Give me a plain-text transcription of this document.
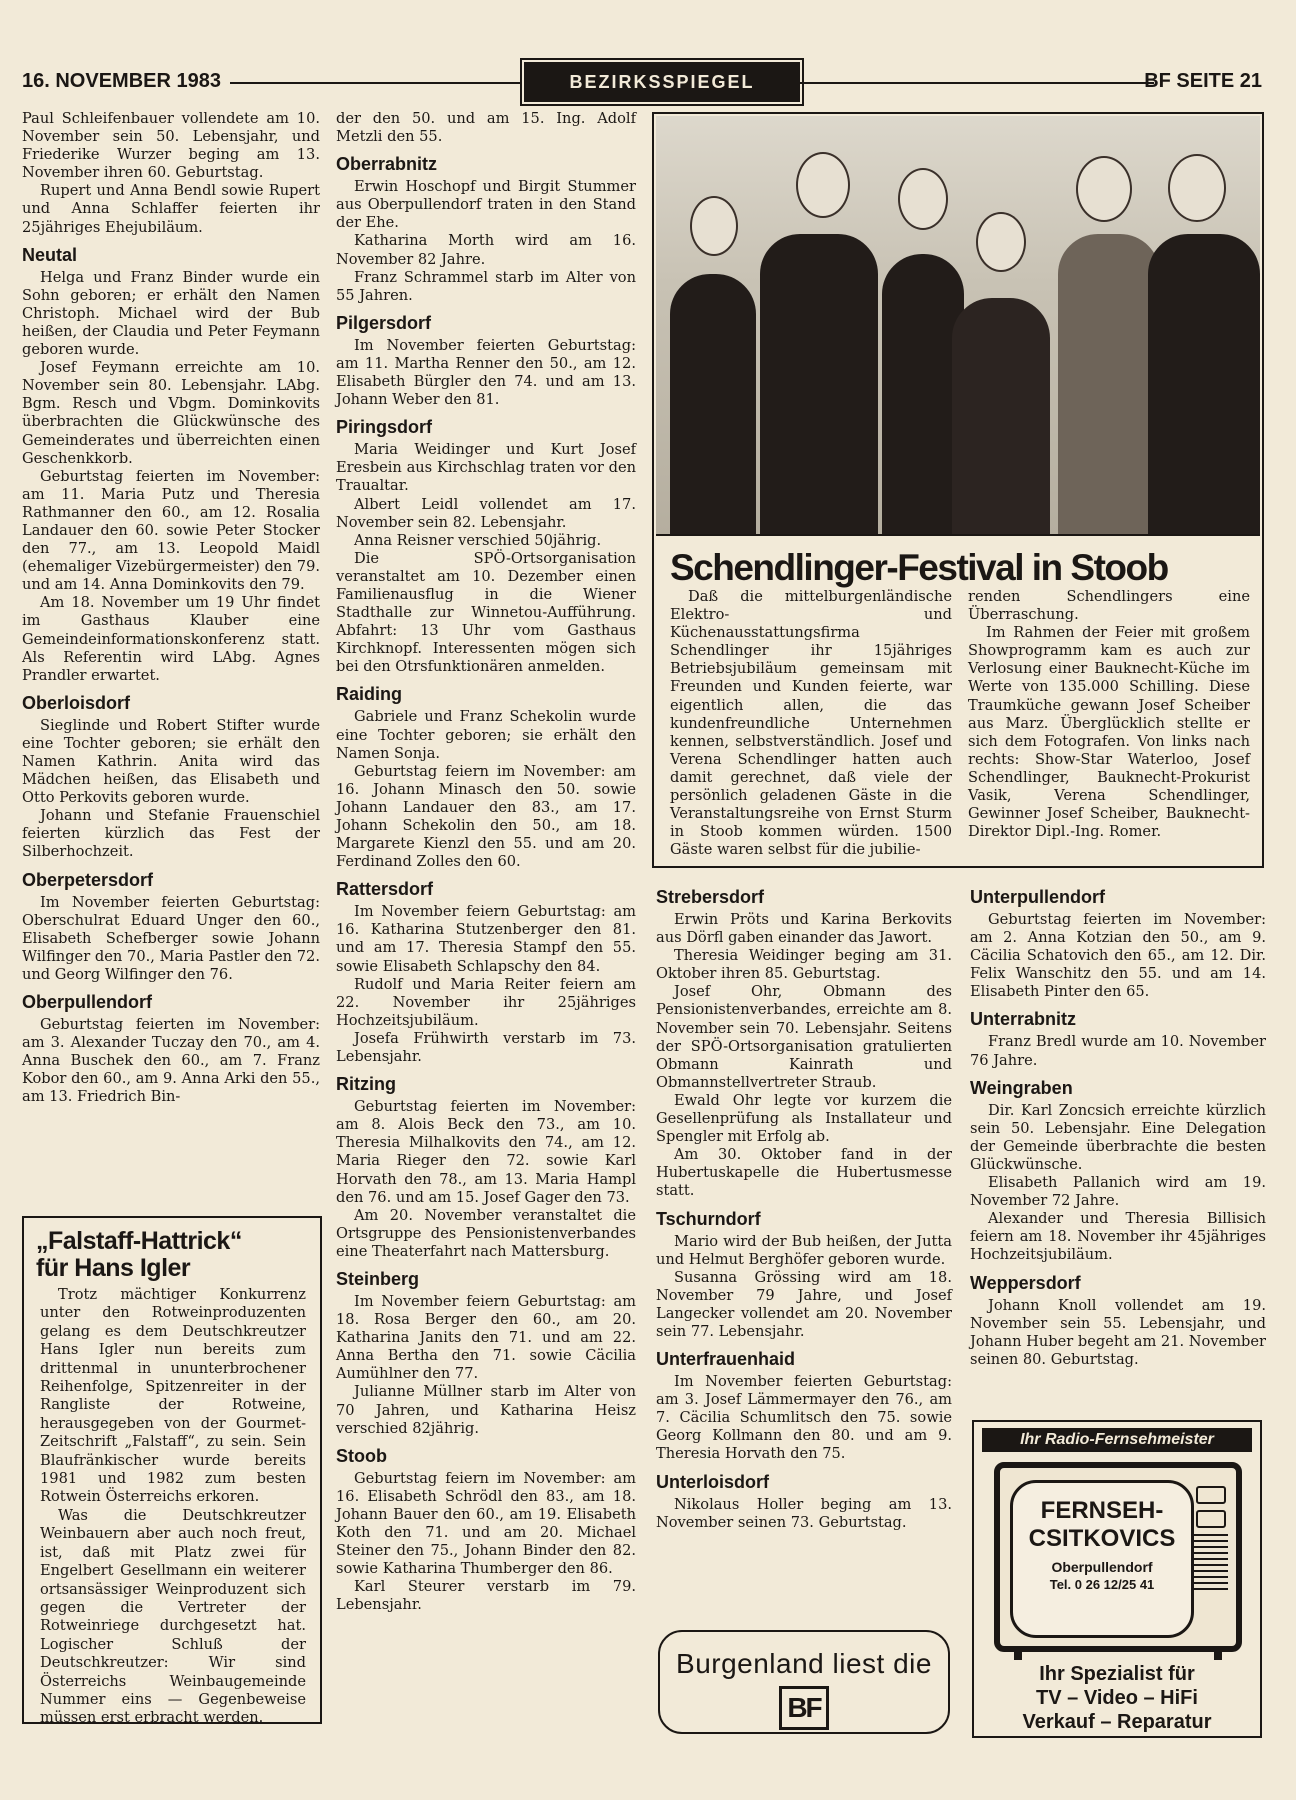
16. NOVEMBER 1983	BEZIRKSSPIEGEL	BF SEITE 21

Paul Schleifenbauer vollendete am 10. November sein 50. Lebensjahr, und Friederike Wurzer beging am 13. November ihren 60. Geburtstag.

Rupert und Anna Bendl sowie Rupert und Anna Schlaffer feierten ihr 25jähriges Ehejubiläum.

Neutal

Helga und Franz Binder wurde ein Sohn geboren; er erhält den Namen Christoph. Michael wird der Bub heißen, der Claudia und Peter Feymann geboren wurde.

Josef Feymann erreichte am 10. November sein 80. Lebensjahr. LAbg. Bgm. Resch und Vbgm. Dominkovits überbrachten die Glückwünsche des Gemeinderates und überreichten einen Geschenkkorb.

Geburtstag feierten im November: am 11. Maria Putz und Theresia Rathmanner den 60., am 12. Rosalia Landauer den 60. sowie Peter Stocker den 77., am 13. Leopold Maidl (ehemaliger Vizebürgermeister) den 79. und am 14. Anna Dominkovits den 79.

Am 18. November um 19 Uhr findet im Gasthaus Klauber eine Gemeindeinformationskonferenz statt. Als Referentin wird LAbg. Agnes Prandler erwartet.

Oberloisdorf

Sieglinde und Robert Stifter wurde eine Tochter geboren; sie erhält den Namen Kathrin. Anita wird das Mädchen heißen, das Elisabeth und Otto Perkovits geboren wurde.

Johann und Stefanie Frauenschiel feierten kürzlich das Fest der Silberhochzeit.

Oberpetersdorf

Im November feierten Geburtstag: Oberschulrat Eduard Unger den 60., Elisabeth Schefberger sowie Johann Wilfinger den 70., Maria Pastler den 72. und Georg Wilfinger den 76.

Oberpullendorf

Geburtstag feierten im November: am 3. Alexander Tuczay den 70., am 4. Anna Buschek den 60., am 7. Franz Kobor den 60., am 9. Anna Arki den 55., am 13. Friedrich Bin-

„Falstaff-Hattrick“
für Hans Igler

Trotz mächtiger Konkurrenz unter den Rotweinproduzenten gelang es dem Deutschkreutzer Hans Igler nun bereits zum drittenmal in ununterbrochener Reihenfolge, Spitzenreiter in der Rangliste der Rotweine, herausgegeben von der Gourmet-Zeitschrift „Falstaff“, zu sein. Sein Blaufränkischer wurde bereits 1981 und 1982 zum besten Rotwein Österreichs erkoren.

Was die Deutschkreutzer Weinbauern aber auch noch freut, ist, daß mit Platz zwei für Engelbert Gesellmann ein weiterer ortsansässiger Weinproduzent sich gegen die Vertreter der Rotweinriege durchgesetzt hat. Logischer Schluß der Deutschkreutzer: Wir sind Österreichs Weinbaugemeinde Nummer eins — Gegenbeweise müssen erst erbracht werden.

der den 50. und am 15. Ing. Adolf Metzli den 55.

Oberrabnitz

Erwin Hoschopf und Birgit Stummer aus Oberpullendorf traten in den Stand der Ehe.

Katharina Morth wird am 16. November 82 Jahre.

Franz Schrammel starb im Alter von 55 Jahren.

Pilgersdorf

Im November feierten Geburtstag: am 11. Martha Renner den 50., am 12. Elisabeth Bürgler den 74. und am 13. Johann Weber den 81.

Piringsdorf

Maria Weidinger und Kurt Josef Eresbein aus Kirchschlag traten vor den Traualtar.

Albert Leidl vollendet am 17. November sein 82. Lebensjahr.

Anna Reisner verschied 50jährig.

Die SPÖ-Ortsorganisation veranstaltet am 10. Dezember einen Familienausflug in die Wiener Stadthalle zur Winnetou-Aufführung. Abfahrt: 13 Uhr vom Gasthaus Kirchknopf. Interessenten mögen sich bei den Otrsfunktionären anmelden.

Raiding

Gabriele und Franz Schekolin wurde eine Tochter geboren; sie erhält den Namen Sonja.

Geburtstag feiern im November: am 16. Johann Minasch den 50. sowie Johann Landauer den 83., am 17. Johann Schekolin den 50., am 18. Margarete Kienzl den 55. und am 20. Ferdinand Zolles den 60.

Rattersdorf

Im November feiern Geburtstag: am 16. Katharina Stutzenberger den 81. und am 17. Theresia Stampf den 55. sowie Elisabeth Schlapschy den 84.

Rudolf und Maria Reiter feiern am 22. November ihr 25jähriges Hochzeitsjubiläum.

Josefa Frühwirth verstarb im 73. Lebensjahr.

Ritzing

Geburtstag feierten im November: am 8. Alois Beck den 73., am 10. Theresia Milhalkovits den 74., am 12. Maria Rieger den 72. sowie Karl Horvath den 78., am 13. Maria Hampl den 76. und am 15. Josef Gager den 73.

Am 20. November veranstaltet die Ortsgruppe des Pensionistenverbandes eine Theaterfahrt nach Mattersburg.

Steinberg

Im November feiern Geburtstag: am 18. Rosa Berger den 60., am 20. Katharina Janits den 71. und am 22. Anna Bertha den 71. sowie Cäcilia Aumühlner den 77.

Julianne Müllner starb im Alter von 70 Jahren, und Katharina Heisz verschied 82jährig.

Stoob

Geburtstag feiern im November: am 16. Elisabeth Schrödl den 83., am 18. Johann Bauer den 60., am 19. Elisabeth Koth den 71. und am 20. Michael Steiner den 75., Johann Binder den 82. sowie Katharina Thumberger den 86.

Karl Steurer verstarb im 79. Lebensjahr.

Schendlinger-Festival in Stoob

Daß die mittelburgenländische Elektro- und Küchenausstattungsfirma Schendlinger ihr 15jähriges Betriebsjubiläum gemeinsam mit Freunden und Kunden feierte, war eigentlich allen, die das kundenfreundliche Unternehmen kennen, selbstverständlich. Josef und Verena Schendlinger hatten auch damit gerechnet, daß viele der persönlich geladenen Gäste in die Veranstaltungsreihe von Ernst Sturm in Stoob kommen würden. 1500 Gäste waren selbst für die jubilie-

renden Schendlingers eine Überraschung.

Im Rahmen der Feier mit großem Showprogramm kam es auch zur Verlosung einer Bauknecht-Küche im Werte von 135.000 Schilling. Diese Traumküche gewann Josef Scheiber aus Marz. Überglücklich stellte er sich dem Fotografen. Von links nach rechts: Show-Star Waterloo, Josef Schendlinger, Bauknecht-Prokurist Vasik, Verena Schendlinger, Gewinner Josef Scheiber, Bauknecht-Direktor Dipl.-Ing. Romer.

Strebersdorf

Erwin Pröts und Karina Berkovits aus Dörfl gaben einander das Jawort.

Theresia Weidinger beging am 31. Oktober ihren 85. Geburtstag.

Josef Ohr, Obmann des Pensionistenverbandes, erreichte am 8. November sein 70. Lebensjahr. Seitens der SPÖ-Ortsorganisation gratulierten Obmann Kainrath und Obmannstellvertreter Straub.

Ewald Ohr legte vor kurzem die Gesellenprüfung als Installateur und Spengler mit Erfolg ab.

Am 30. Oktober fand in der Hubertuskapelle die Hubertusmesse statt.

Tschurndorf

Mario wird der Bub heißen, der Jutta und Helmut Berghöfer geboren wurde.

Susanna Grössing wird am 18. November 79 Jahre, und Josef Langecker vollendet am 20. November sein 77. Lebensjahr.

Unterfrauenhaid

Im November feierten Geburtstag: am 3. Josef Lämmermayer den 76., am 7. Cäcilia Schumlitsch den 75. sowie Georg Kollmann den 80. und am 9. Theresia Horvath den 75.

Unterloisdorf

Nikolaus Holler beging am 13. November seinen 73. Geburtstag.

Burgenland liest die
BF
Unterpullendorf

Geburtstag feierten im November: am 2. Anna Kotzian den 50., am 9. Cäcilia Schatovich den 65., am 12. Dir. Felix Wanschitz den 55. und am 14. Elisabeth Pinter den 65.

Unterrabnitz

Franz Bredl wurde am 10. November 76 Jahre.

Weingraben

Dir. Karl Zoncsich erreichte kürzlich sein 50. Lebensjahr. Eine Delegation der Gemeinde überbrachte die besten Glückwünsche.

Elisabeth Pallanich wird am 19. November 72 Jahre.

Alexander und Theresia Billisich feiern am 18. November ihr 45jähriges Hochzeitsjubiläum.

Weppersdorf

Johann Knoll vollendet am 19. November sein 55. Lebensjahr, und Johann Huber begeht am 21. November seinen 80. Geburtstag.

Ihr Radio-Fernsehmeister
FERNSEH-
CSITKOVICS
Oberpullendorf
Tel. 0 26 12/25 41
Ihr Spezialist für
TV – Video – HiFi
Verkauf – Reparatur
